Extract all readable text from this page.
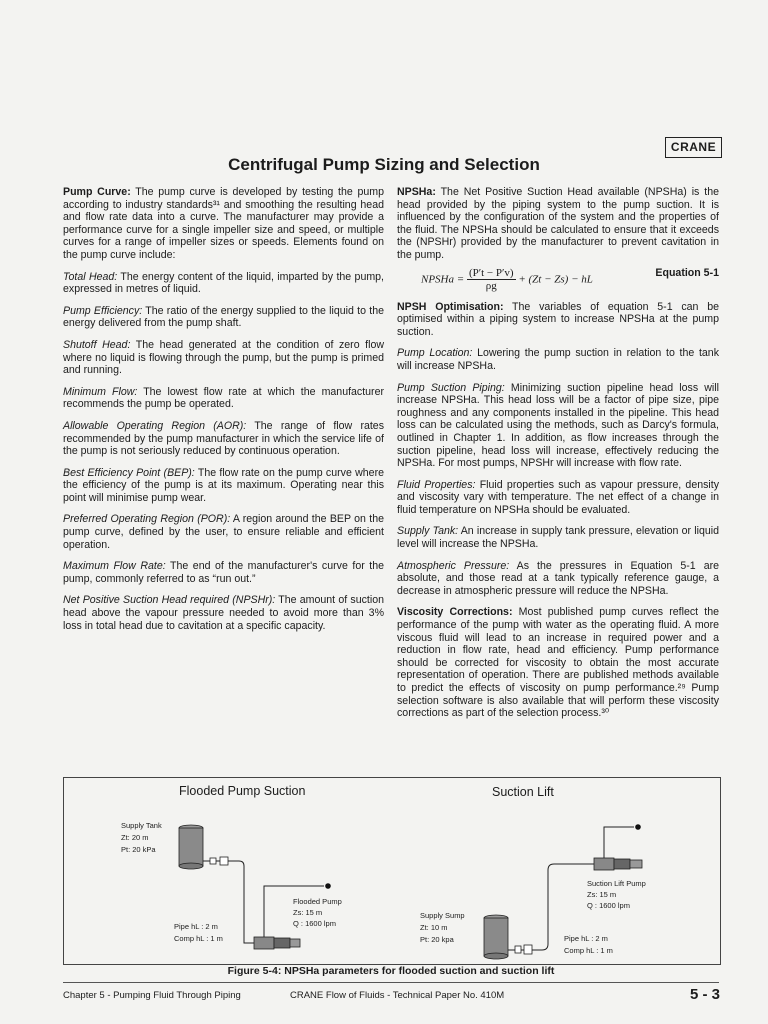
CRANE
Centrifugal Pump Sizing and Selection

Pump Curve: The pump curve is developed by testing the pump according to industry standards³¹ and smoothing the resulting head and flow rate data into a curve. The manufacturer may provide a performance curve for a single impeller size and speed, or multiple curves for a range of impeller sizes or speeds. Elements found on the pump curve include:

Total Head: The energy content of the liquid, imparted by the pump, expressed in metres of liquid.

Pump Efficiency: The ratio of the energy supplied to the liquid to the energy delivered from the pump shaft.

Shutoff Head: The head generated at the condition of zero flow where no liquid is flowing through the pump, but the pump is primed and running.

Minimum Flow: The lowest flow rate at which the manufacturer recommends the pump be operated.

Allowable Operating Region (AOR): The range of flow rates recommended by the pump manufacturer in which the service life of the pump is not seriously reduced by continuous operation.

Best Efficiency Point (BEP): The flow rate on the pump curve where the efficiency of the pump is at its maximum. Operating near this point will minimise pump wear.

Preferred Operating Region (POR): A region around the BEP on the pump curve, defined by the user, to ensure reliable and efficient operation.

Maximum Flow Rate: The end of the manufacturer's curve for the pump, commonly referred to as “run out.”

Net Positive Suction Head required (NPSHr): The amount of suction head above the vapour pressure needed to avoid more than 3% loss in total head due to cavitation at a specific capacity.

NPSHa: The Net Positive Suction Head available (NPSHa) is the head provided by the piping system to the pump suction. It is influenced by the configuration of the system and the properties of the fluid. The NPSHa should be calculated to ensure that it exceeds the (NPSHr) provided by the manufacturer to prevent cavitation in the pump.

NPSHa = $\frac{(P't - P'v)}{\rho g} + (Zt - Zs)$ − hL
Equation 5-1

NPSH Optimisation: The variables of equation 5-1 can be optimised within a piping system to increase NPSHa at the pump suction.

Pump Location: Lowering the pump suction in relation to the tank will increase NPSHa.

Pump Suction Piping: Minimizing suction pipeline head loss will increase NPSHa. This head loss will be a factor of pipe size, pipe roughness and any components installed in the pipeline. This head loss can be calculated using the methods, such as Darcy's formula, outlined in Chapter 1. In addition, as flow increases through the suction pipeline, head loss will increase, effectively reducing the NPSHa. For most pumps, NPSHr will increase with flow rate.

Fluid Properties: Fluid properties such as vapour pressure, density and viscosity vary with temperature. The net effect of a change in fluid temperature on NPSHa should be evaluated.

Supply Tank: An increase in supply tank pressure, elevation or liquid level will increase the NPSHa.

Atmospheric Pressure: As the pressures in Equation 5-1 are absolute, and those read at a tank typically reference gauge, a decrease in atmospheric pressure will reduce the NPSHa.

Viscosity Corrections: Most published pump curves reflect the performance of the pump with water as the operating fluid. A more viscous fluid will lead to an increase in required power and a reduction in flow rate, head and efficiency. Pump performance should be corrected for viscosity to obtain the most accurate representation of operation. There are published methods available to predict the effects of viscosity on pump performance.²⁹ Pump selection software is also available that will perform these viscosity corrections as part of the selection process.³⁰

Flooded Pump Suction	Suction Lift
Supply Tank
Zt: 20 m
Pt: 20 kPa
Flooded Pump
Zs: 15 m
Q : 1600 lpm
Pipe hL : 2 m
Comp hL : 1 m
Supply Sump
Zt: 10 m
Pt: 20 kpa
Suction Lift Pump
Zs: 15 m
Q : 1600 lpm
Pipe hL : 2 m
Comp hL : 1 m
Figure 5-4: NPSHa parameters for flooded suction and suction lift
Chapter 5 - Pumping Fluid Through Piping	CRANE Flow of Fluids - Technical Paper No. 410M	5 - 3
